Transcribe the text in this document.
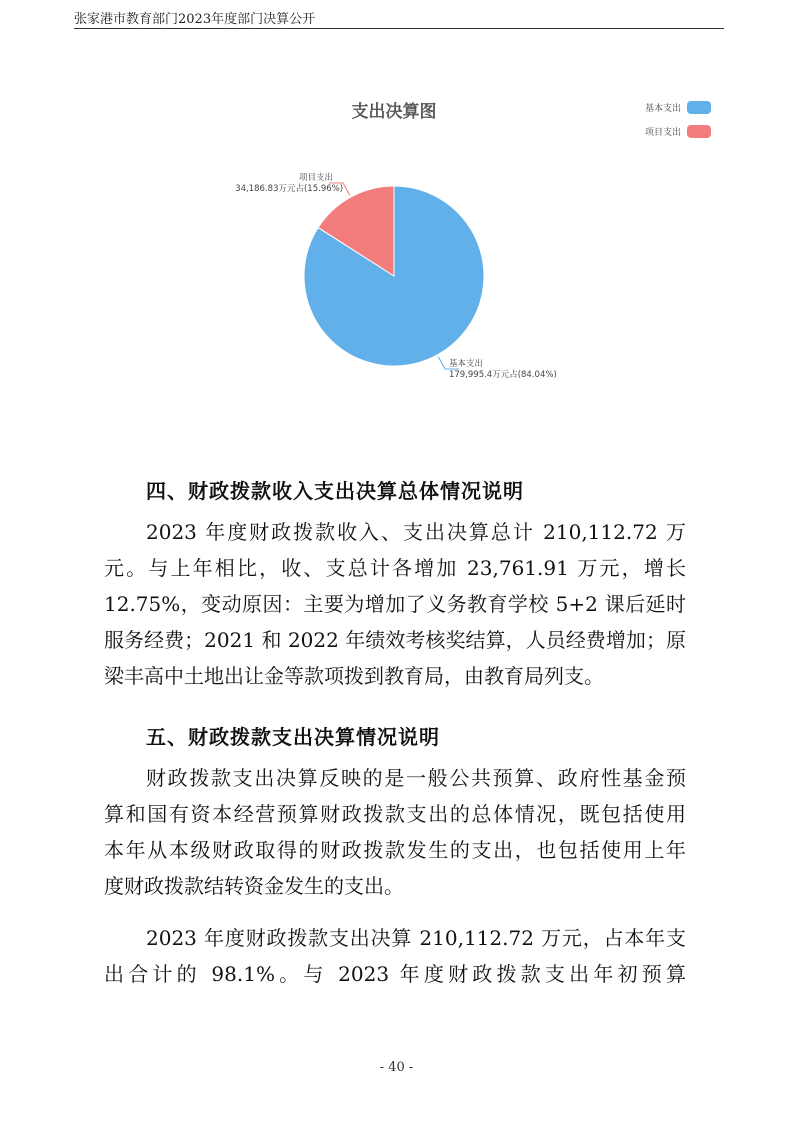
张家港市教育部门2023年度部门决算公开
支出决算图
基本支出
179,995.4万元占(84.04%)
项目支出
34,186.83万元占(15.96%)
基本支出
项目支出
四、财政拨款收入支出决算总体情况说明
2023 年度财政拨款收入、支出决算总计 210,112.72 万
元。与上年相比，收、支总计各增加 23,761.91 万元，增长
12.75%，变动原因：主要为增加了义务教育学校 5+2 课后延时
服务经费；2021 和 2022 年绩效考核奖结算，人员经费增加；原
梁丰高中土地出让金等款项拨到教育局，由教育局列支。
五、财政拨款支出决算情况说明
财政拨款支出决算反映的是一般公共预算、政府性基金预
算和国有资本经营预算财政拨款支出的总体情况，既包括使用
本年从本级财政取得的财政拨款发生的支出，也包括使用上年
度财政拨款结转资金发生的支出。
2023 年度财政拨款支出决算 210,112.72 万元，占本年支
出合计的 98.1%。与 2023 年度财政拨款支出年初预算
- 40 -
